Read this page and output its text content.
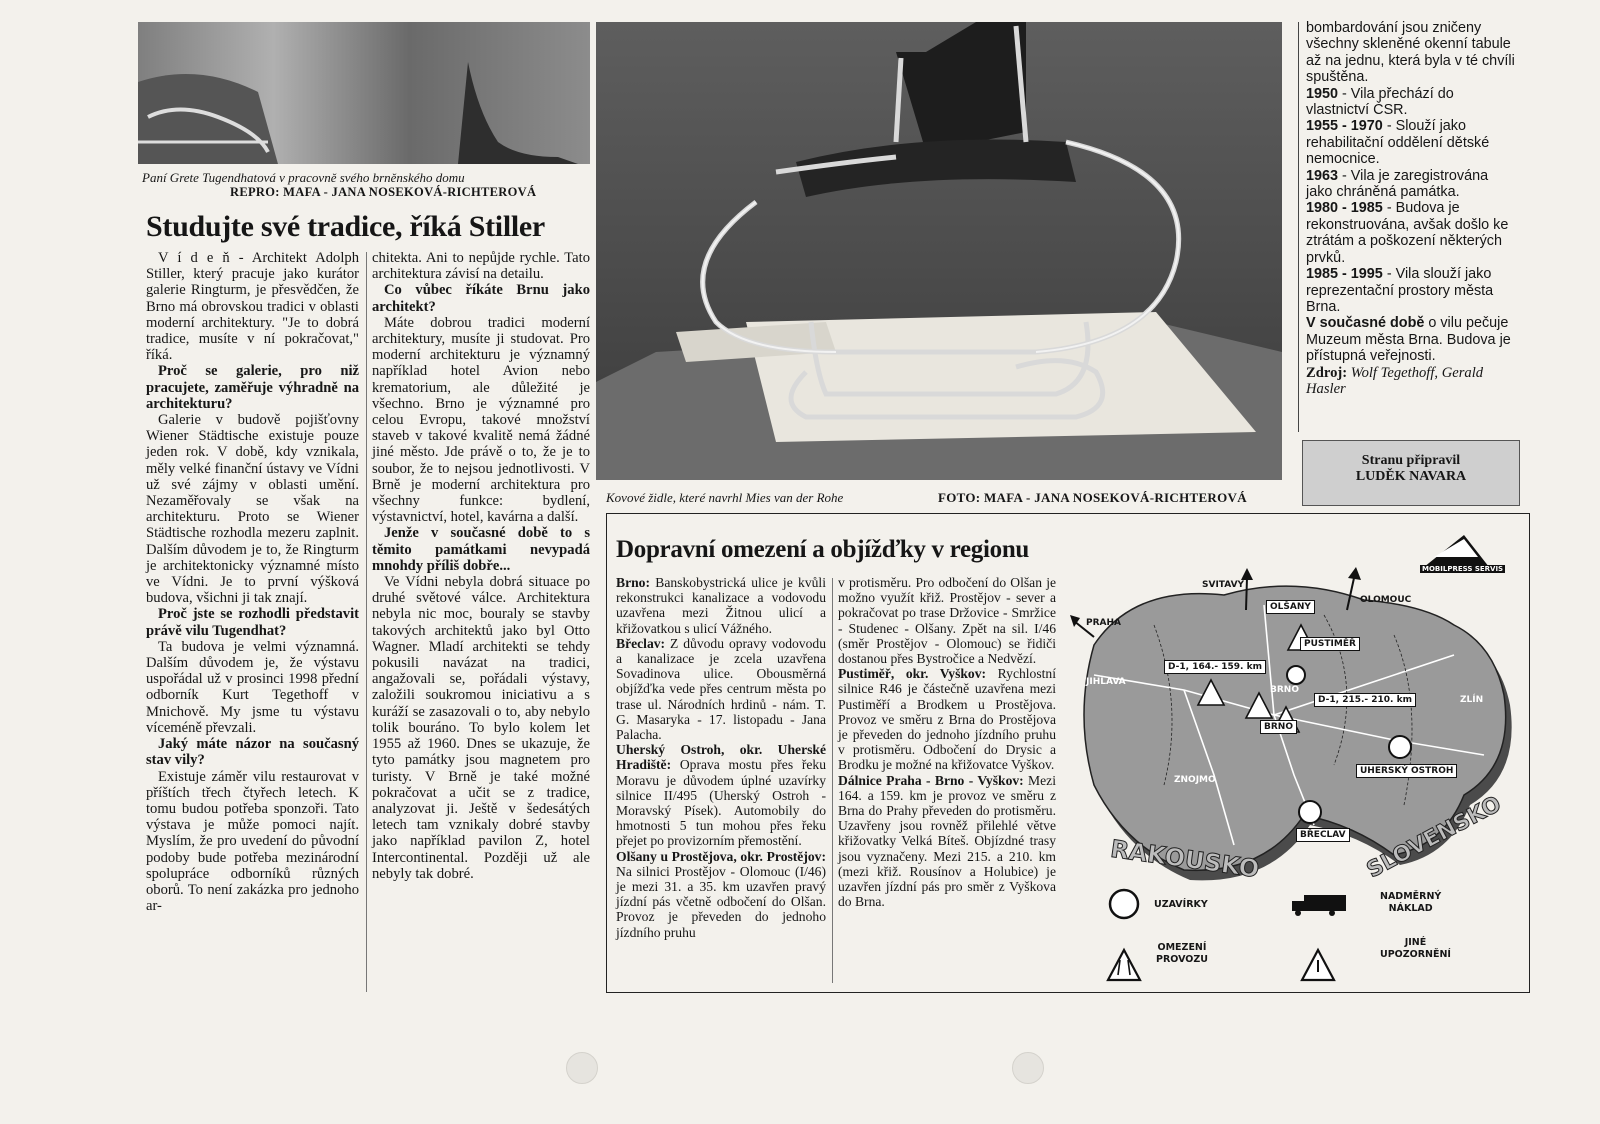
Paní Grete Tugendhatová v pracovně svého brněnského domu
REPRO: MAFA - JANA NOSEKOVÁ-RICHTEROVÁ
Studujte své tradice, říká Stiller

V í d e ň - Architekt Adolph Stiller, který pracuje jako kurátor galerie Ringturm, je přesvědčen, že Brno má obrovskou tradici v oblasti moderní architektury. "Je to dobrá tradice, musíte v ní pokračovat," říká.

Proč se galerie, pro niž pracujete, zaměřuje výhradně na architekturu?

Galerie v budově pojišťovny Wiener Städtische existuje pouze jeden rok. V době, kdy vznikala, měly velké finanční ústavy ve Vídni už své zájmy v oblasti umění. Nezaměřovaly se však na architekturu. Proto se Wiener Städtische rozhodla mezeru zaplnit. Dalším důvodem je to, že Ringturm je architektonicky významné místo ve Vídni. Je to první výšková budova, všichni ji tak znají.

Proč jste se rozhodli představit právě vilu Tugendhat?

Ta budova je velmi významná. Dalším důvodem je, že výstavu uspořádal už v prosinci 1998 přední odborník Kurt Tegethoff v Mnichově. My jsme tu výstavu víceméně převzali.

Jaký máte názor na současný stav vily?

Existuje záměr vilu restaurovat v příštích třech čtyřech letech. K tomu budou potřeba sponzoři. Tato výstava je může pomoci najít. Myslím, že pro uvedení do původní podoby bude potřeba mezinárodní spolupráce odborníků různých oborů. To není zakázka pro jednoho ar-

chitekta. Ani to nepůjde rychle. Tato architektura závisí na detailu.

Co vůbec říkáte Brnu jako architekt?

Máte dobrou tradici moderní architektury, musíte ji studovat. Pro moderní architekturu je významný například hotel Avion nebo krematorium, ale důležité je všechno. Brno je významné pro celou Evropu, takové množství staveb v takové kvalitě nemá žádné jiné město. Jde právě o to, že je to soubor, že to nejsou jednotlivosti. V Brně je moderní architektura pro všechny funkce: bydlení, výstavnictví, hotel, kavárna a další.

Jenže v současné době to s těmito památkami nevypadá mnohdy příliš dobře...

Ve Vídni nebyla dobrá situace po druhé světové válce. Architektura nebyla nic moc, bouraly se stavby takových architektů jako byl Otto Wagner. Mladí architekti se tehdy pokusili navázat na tradici, angažovali se, pořádali výstavy, založili soukromou iniciativu a s kuráží se zasazovali o to, aby nebylo tolik bouráno. To bylo kolem let 1955 až 1960. Dnes se ukazuje, že tyto památky jsou magnetem pro turisty. V Brně je také možné pokračovat a učit se z tradice, analyzovat ji. Ještě v šedesátých letech tam vznikaly dobré stavby jako například pavilon Z, hotel Intercontinental. Později už ale nebyly tak dobré.

Kovové židle, které navrhl Mies van der Rohe	FOTO: MAFA - JANA NOSEKOVÁ-RICHTEROVÁ
bombardování jsou zničeny všechny skleněné okenní tabule až na jednu, která byla v té chvíli spuštěna.
1950 - Vila přechází do vlastnictví ČSR.
1955 - 1970 - Slouží jako rehabilitační oddělení dětské nemocnice.
1963 - Vila je zaregistrována jako chráněná památka.
1980 - 1985 - Budova je rekonstruována, avšak došlo ke ztrátám a poškození některých prvků.
1985 - 1995 - Vila slouží jako reprezentační prostory města Brna.
V současné době o vilu pečuje Muzeum města Brna. Budova je přístupná veřejnosti.
Zdroj: Wolf Tegethoff, Gerald Hasler
Stranu připravil
LUDĚK NAVARA
Dopravní omezení a objížďky v regionu

Brno: Banskobystrická ulice je kvůli rekonstrukci kanalizace a vodovodu uzavřena mezi Žitnou ulicí a křižovatkou s ulicí Vážného.

Břeclav: Z důvodu opravy vodovodu a kanalizace je zcela uzavřena Sovadinova ulice. Obousměrná objížďka vede přes centrum města po trase ul. Národních hrdinů - nám. T. G. Masaryka - 17. listopadu - Jana Palacha.

Uherský Ostroh, okr. Uherské Hradiště: Oprava mostu přes řeku Moravu je důvodem úplné uzavírky silnice II/495 (Uherský Ostroh - Moravský Písek). Automobily do hmotnosti 5 tun mohou přes řeku přejet po provizorním přemostění.

Olšany u Prostějova, okr. Prostějov: Na silnici Prostějov - Olomouc (I/46) je mezi 31. a 35. km uzavřen pravý jízdní pás včetně odbočení do Olšan. Provoz je převeden do jednoho jízdního pruhu

v protisměru. Pro odbočení do Olšan je možno využít křiž. Prostějov - sever a pokračovat po trase Držovice - Smržice - Studenec - Olšany. Zpět na sil. I/46 (směr Prostějov - Olomouc) se řidiči dostanou přes Bystročice a Nedvězí.

Pustiměř, okr. Vyškov: Rychlostní silnice R46 je částečně uzavřena mezi Pustiměří a Brodkem u Prostějova. Provoz ve směru z Brna do Prostějova je převeden do jednoho jízdního pruhu v protisměru. Odbočení do Drysic a Brodku je možné na křižovatce Vyškov.

Dálnice Praha - Brno - Vyškov: Mezi 164. a 159. km je provoz ve směru z Brna do Prahy převeden do protisměru. Uzavřeny jsou rovněž přilehlé větve křižovatky Velká Bíteš. Objízdné trasy jsou vyznačeny. Mezi 215. a 210. km (mezi křiž. Rousínov a Holubice) je uzavřen jízdní pás pro směr z Vyškova do Brna.

MOBILPRESS SERVIS
SVITAVY
OLOMOUC
PRAHA
OLŠANY
PUSTIMĚŘ
D-1, 164.- 159. km
BRNO
D-1, 215.- 210. km
JIHLAVA
ZLÍN
BRNO
ZNOJMO
UHERSKÝ OSTROH
BŘECLAV
RAKOUSKO	SLOVENSKO
UZAVÍRKY
OMEZENÍ
PROVOZU
NADMĚRNÝ
NÁKLAD
JINÉ
UPOZORNĚNÍ
